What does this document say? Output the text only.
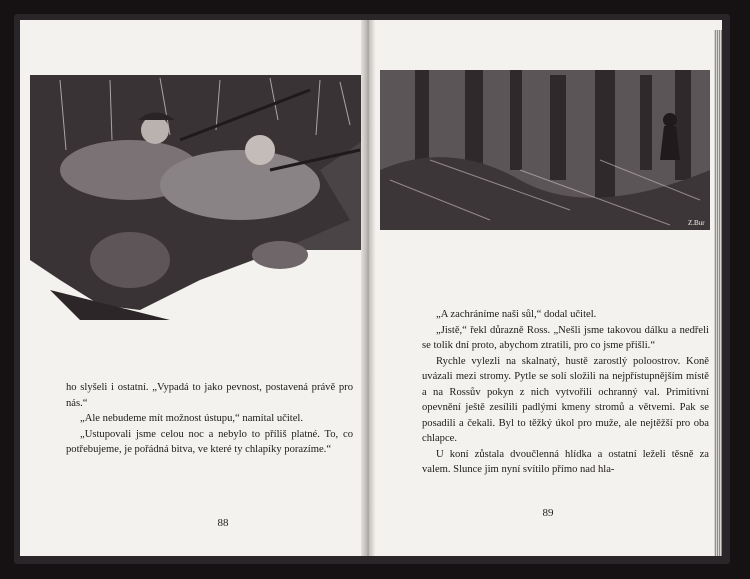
ho slyšeli i ostatní. „Vypadá to jako pevnost, postavená právě pro nás.“

„Ale nebudeme mít možnost ústupu,“ namítal učitel.

„Ustupovali jsme celou noc a nebylo to příliš platné. To, co potřebujeme, je pořádná bitva, ve které ty chlapíky porazíme.“

88
Z.Bur

„A zachráníme naši sůl,“ dodal učitel.

„Jistě,“ řekl důrazně Ross. „Nešli jsme takovou dálku a nedřeli se tolik dní proto, abychom ztratili, pro co jsme přišli.“

Rychle vylezli na skalnatý, hustě zarostlý poloostrov. Koně uvázali mezi stromy. Pytle se solí složili na nejpřístupnějším místě a na Rossův pokyn z nich vytvořili ochranný val. Primitivní opevnění ještě zesílili padlými kmeny stromů a větvemi. Pak se posadili a čekali. Byl to těžký úkol pro muže, ale nejtěžší pro oba chlapce.

U koní zůstala dvoučlenná hlídka a ostatní leželi těsně za valem. Slunce jim nyní svítilo přímo nad hla-

89
